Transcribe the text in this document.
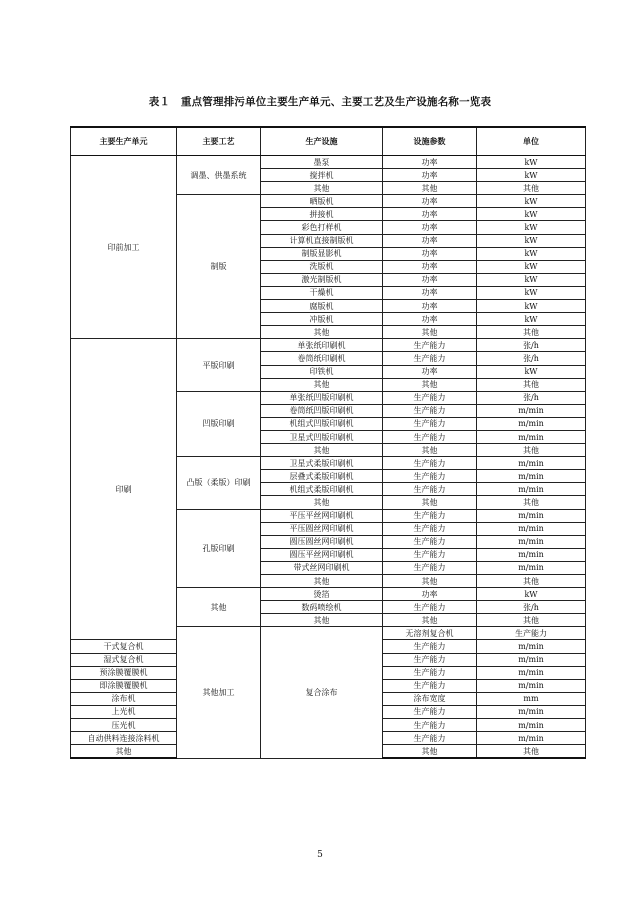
表１　重点管理排污单位主要生产单元、主要工艺及生产设施名称一览表
主要生产单元	主要工艺	生产设施	设施参数	单位	
印前加工	调墨、供墨系统	墨泵	功率	kW	
		搅拌机	功率	kW	
		其他	其他	其他	
	制版	晒版机	功率	kW	
		拼接机	功率	kW	
		彩色打样机	功率	kW	
		计算机直接制版机	功率	kW	
		制版显影机	功率	kW	
		洗版机	功率	kW	
		激光制版机	功率	kW	
		干燥机	功率	kW	
		腐版机	功率	kW	
		冲版机	功率	kW	
		其他	其他	其他	
印刷	平版印刷	单张纸印刷机	生产能力	张/h	
		卷筒纸印刷机	生产能力	张/h	
		印铁机	功率	kW	
		其他	其他	其他	
	凹版印刷	单张纸凹版印刷机	生产能力	张/h	
		卷筒纸凹版印刷机	生产能力	m/min	
		机组式凹版印刷机	生产能力	m/min	
		卫星式凹版印刷机	生产能力	m/min	
		其他	其他	其他	
	凸版（柔版）印刷	卫星式柔版印刷机	生产能力	m/min	
		层叠式柔版印刷机	生产能力	m/min	
		机组式柔版印刷机	生产能力	m/min	
		其他	其他	其他	
	孔版印刷	平压平丝网印刷机	生产能力	m/min	
		平压圆丝网印刷机	生产能力	m/min	
		圆压圆丝网印刷机	生产能力	m/min	
		圆压平丝网印刷机	生产能力	m/min	
		带式丝网印刷机	生产能力	m/min	
		其他	其他	其他	
	其他	烫箔	功率	kW	
		数码喷绘机	生产能力	张/h	
		其他	其他	其他	
	其他加工	复合涂布	无溶剂复合机	生产能力	
干式复合机			生产能力	m/min	
湿式复合机			生产能力	m/min	
预涂膜覆膜机			生产能力	m/min	
即涂膜覆膜机			生产能力	m/min	
涂布机			涂布宽度	mm	
上光机			生产能力	m/min	
压光机			生产能力	m/min	
自动供料连接涂料机			生产能力	m/min	
其他			其他	其他	
5
